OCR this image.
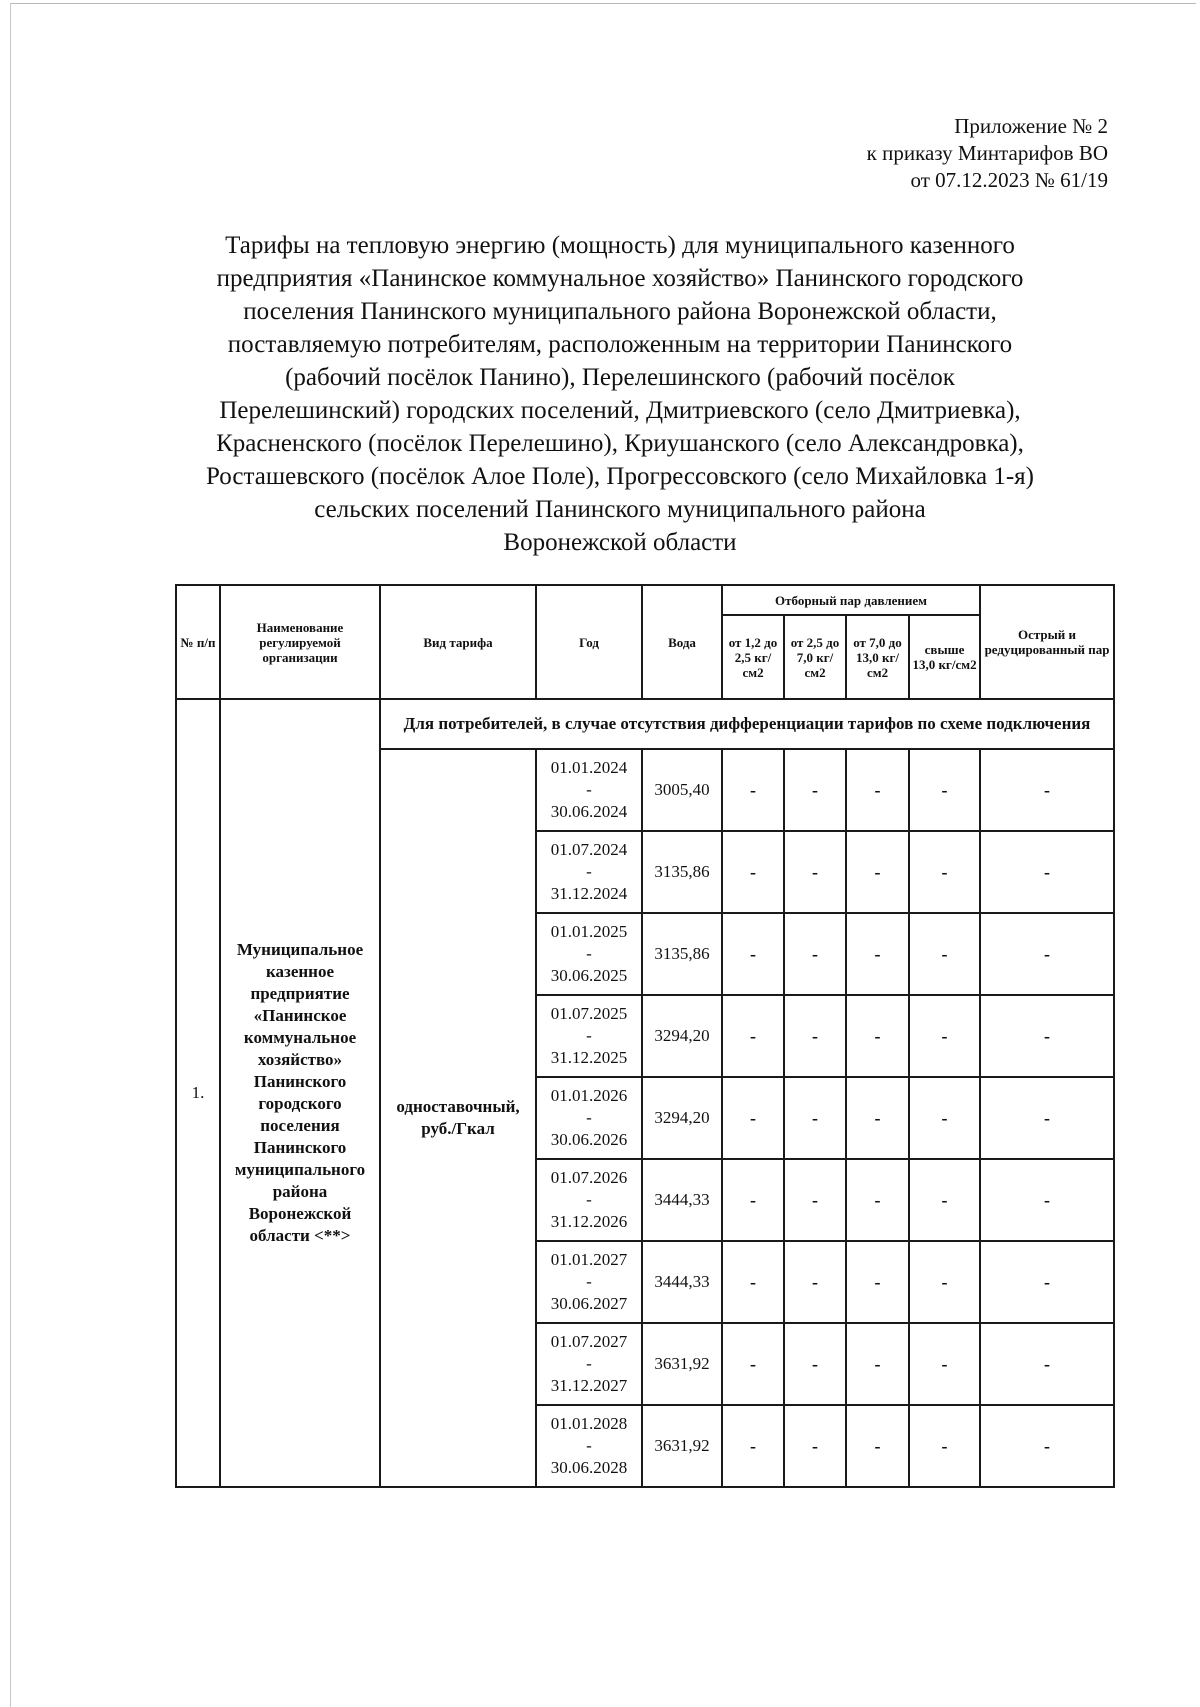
Приложение № 2
к приказу Минтарифов ВО
от 07.12.2023 № 61/19
Тарифы на тепловую энергию (мощность) для муниципального казенного
предприятия «Панинское коммунальное хозяйство» Панинского городского
поселения Панинского муниципального района Воронежской области,
поставляемую потребителям, расположенным на территории Панинского
(рабочий посёлок Панино), Перелешинского (рабочий посёлок
Перелешинский) городских поселений, Дмитриевского (село Дмитриевка),
Красненского (посёлок Перелешино), Криушанского (село Александровка),
Росташевского (посёлок Алое Поле), Прогрессовского (село Михайловка 1-я)
сельских поселений Панинского муниципального района
Воронежской области
№ п/п	Наименование регулируемой организации	Вид тарифа	Год	Вода	Отборный пар давлением				Острый и редуцированный пар
					от 1,2 до 2,5 кг/см2	от 2,5 до 7,0 кг/см2	от 7,0 до 13,0 кг/см2	свыше 13,0 кг/см2	
1.	Муниципальное казенное предприятие «Панинское коммунальное хозяйство» Панинского городского поселения Панинского муниципального района Воронежской области <**>	Для потребителей, в случае отсутствия дифференциации тарифов по схеме подключения							
		одноставочный, руб./Гкал	01.01.2024
-
30.06.2024	3005,40	-	-	-	-	-

			01.07.2024
-
31.12.2024	3135,86	-	-	-	-	-

			01.01.2025
-
30.06.2025	3135,86	-	-	-	-	-

			01.07.2025
-
31.12.2025	3294,20	-	-	-	-	-

			01.01.2026
-
30.06.2026	3294,20	-	-	-	-	-

			01.07.2026
-
31.12.2026	3444,33	-	-	-	-	-

			01.01.2027
-
30.06.2027	3444,33	-	-	-	-	-

			01.07.2027
-
31.12.2027	3631,92	-	-	-	-	-

			01.01.2028
-
30.06.2028	3631,92	-	-	-	-	-
